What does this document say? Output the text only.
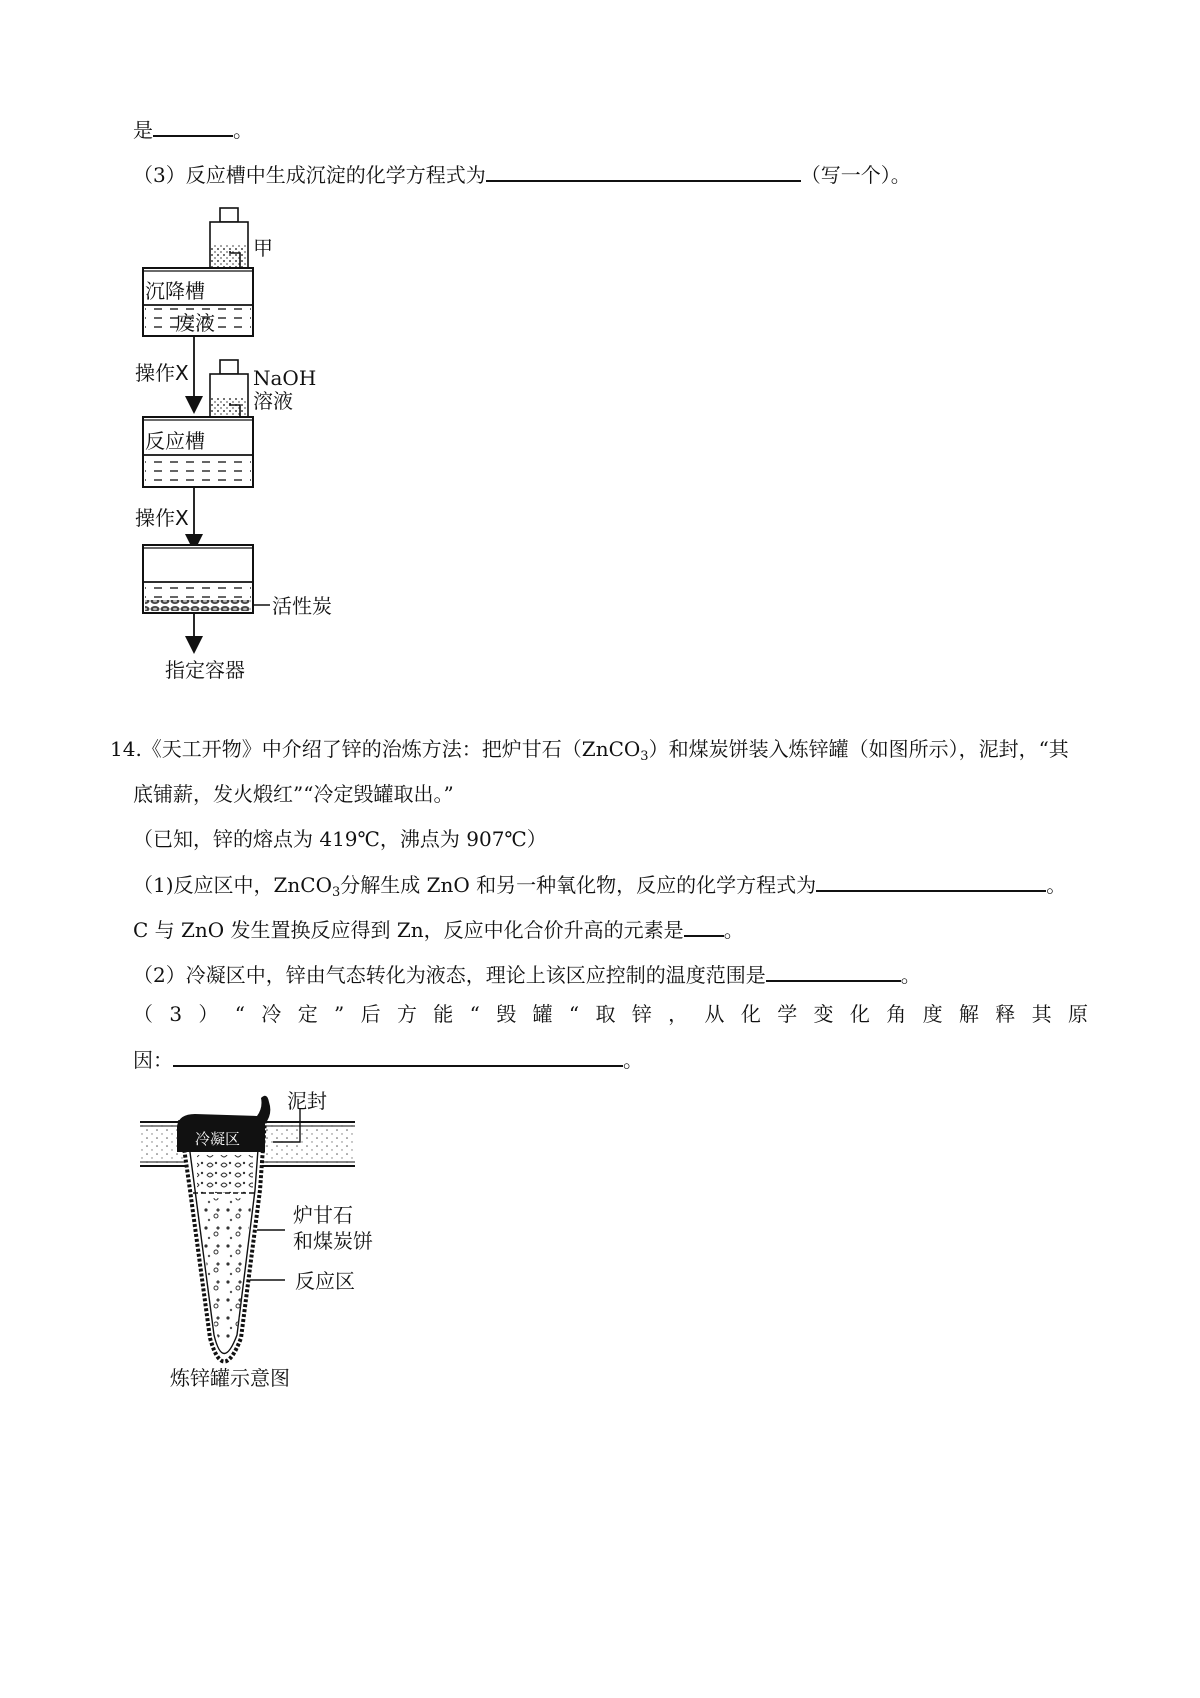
是	。
（3）反应槽中生成沉淀的化学方程式为	（写一个）。
甲
沉降槽
废液
操作X	NaOH
溶液
反应槽
操作X
活性炭
指定容器
14.《天工开物》中介绍了锌的治炼方法：把炉甘石（ZnCO$_3$）和煤炭饼装入炼锌罐（如图所示），泥封，“其
底铺薪，发火煅红”“冷定毁罐取出。”
（已知，锌的熔点为 419℃，沸点为 907℃）
（1)反应区中，ZnCO$_3$分解生成 ZnO 和另一种氧化物，反应的化学方程式为	。
C 与 ZnO 发生置换反应得到 Zn，反应中化合价升高的元素是 。
（2）冷凝区中，锌由气态转化为液态，理论上该区应控制的温度范围是	。
（ 3 ） “ 冷 定 ” 后 方 能 “ 毁 罐 “ 取 锌 ， 从 化 学 变 化 角 度 解 释 其 原
因：	。
冷凝区
泥封
炉甘石
和煤炭饼
反应区
炼锌罐示意图
